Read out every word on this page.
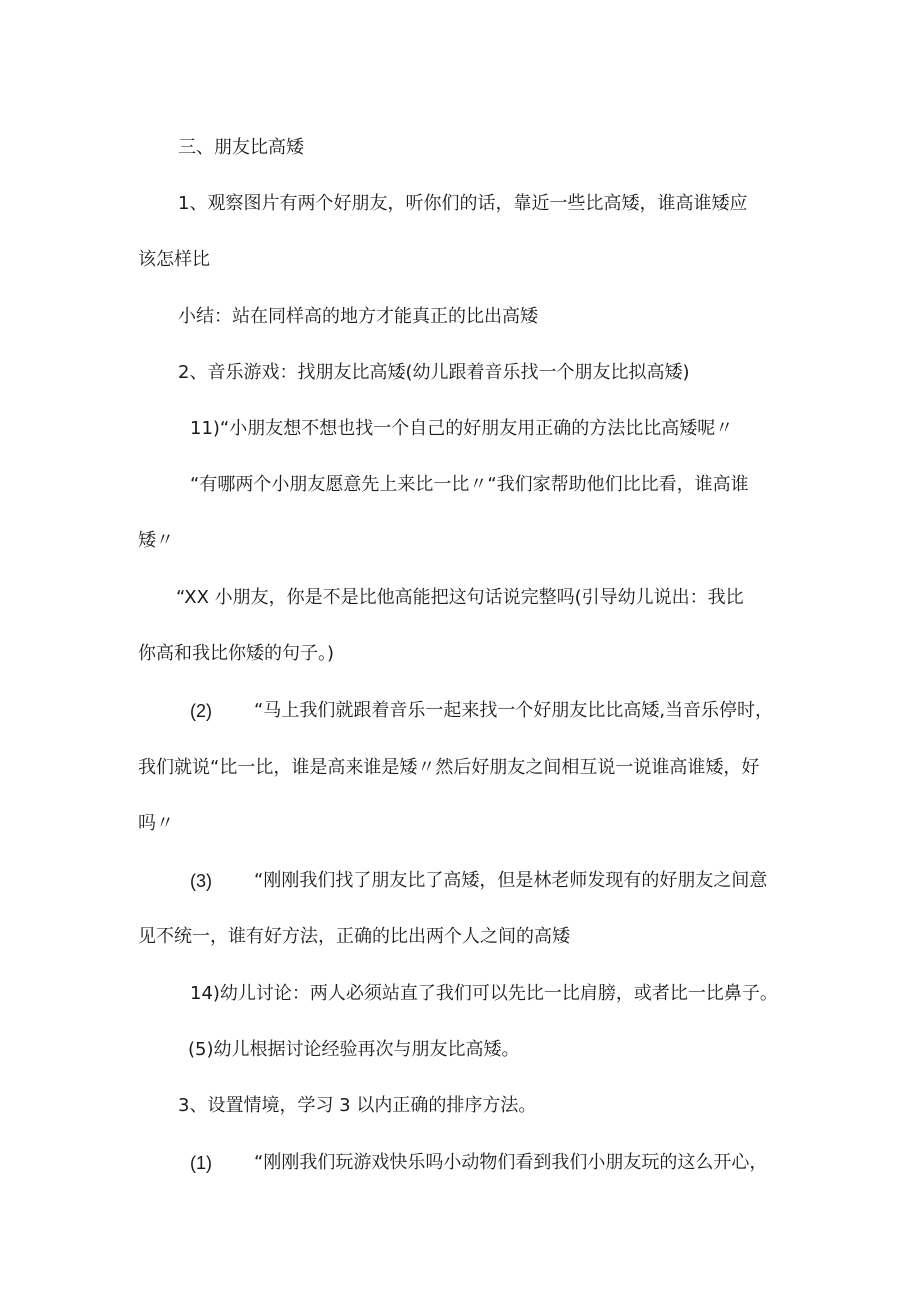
三、朋友比高矮
1、观察图片有两个好朋友，听你们的话，靠近一些比高矮，谁高谁矮应
该怎样比
小结：站在同样高的地方才能真正的比出高矮
2、音乐游戏：找朋友比高矮(幼儿跟着音乐找一个朋友比拟高矮)
11)“小朋友想不想也找一个自己的好朋友用正确的方法比比高矮呢〃
“有哪两个小朋友愿意先上来比一比〃“我们家帮助他们比比看，谁高谁
矮〃
“XX 小朋友，你是不是比他高能把这句话说完整吗(引导幼儿说出：我比
你高和我比你矮的句子。)
(2) “马上我们就跟着音乐一起来找一个好朋友比比高矮,当音乐停时，
我们就说“比一比，谁是高来谁是矮〃然后好朋友之间相互说一说谁高谁矮，好
吗〃
(3) “刚刚我们找了朋友比了高矮，但是林老师发现有的好朋友之间意
见不统一，谁有好方法，正确的比出两个人之间的高矮
14)幼儿讨论：两人必须站直了我们可以先比一比肩膀，或者比一比鼻子。
(5)幼儿根据讨论经验再次与朋友比高矮。
3、设置情境，学习 3 以内正确的排序方法。
(1) “刚刚我们玩游戏快乐吗小动物们看到我们小朋友玩的这么开心，
